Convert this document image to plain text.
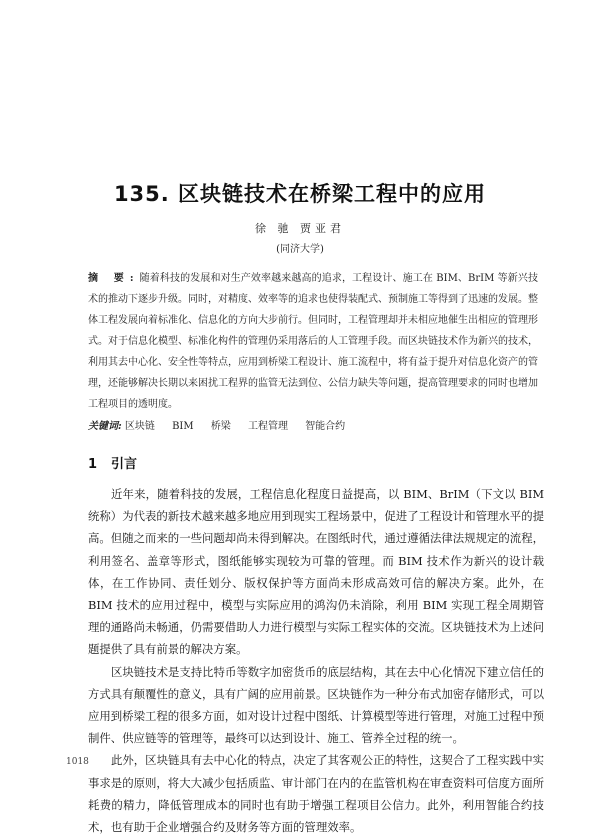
135. 区块链技术在桥梁工程中的应用
徐 驰 贾亚君
(同济大学)
摘 要:随着科技的发展和对生产效率越来越高的追求，工程设计、施工在 BIM、BrIM 等新兴技术的推动下逐步升级。同时，对精度、效率等的追求也使得装配式、预制施工等得到了迅速的发展。整体工程发展向着标准化、信息化的方向大步前行。但同时，工程管理却并未相应地催生出相应的管理形式。对于信息化模型、标准化构件的管理仍采用落后的人工管理手段。而区块链技术作为新兴的技术，利用其去中心化、安全性等特点，应用到桥梁工程设计、施工流程中，将有益于提升对信息化资产的管理，还能够解决长期以来困扰工程界的监管无法到位、公信力缺失等问题，提高管理要求的同时也增加工程项目的透明度。
关键词: 区块链 BIM 桥梁 工程管理 智能合约
1 引言

近年来，随着科技的发展，工程信息化程度日益提高，以 BIM、BrIM（下文以 BIM 统称）为代表的新技术越来越多地应用到现实工程场景中，促进了工程设计和管理水平的提高。但随之而来的一些问题却尚未得到解决。在图纸时代，通过遵循法律法规规定的流程，利用签名、盖章等形式，图纸能够实现较为可靠的管理。而 BIM 技术作为新兴的设计载体，在工作协同、责任划分、版权保护等方面尚未形成高效可信的解决方案。此外，在 BIM 技术的应用过程中，模型与实际应用的鸿沟仍未消除，利用 BIM 实现工程全周期管理的通路尚未畅通，仍需要借助人力进行模型与实际工程实体的交流。区块链技术为上述问题提供了具有前景的解决方案。

区块链技术是支持比特币等数字加密货币的底层结构，其在去中心化情况下建立信任的方式具有颠覆性的意义，具有广阔的应用前景。区块链作为一种分布式加密存储形式，可以应用到桥梁工程的很多方面，如对设计过程中图纸、计算模型等进行管理，对施工过程中预制件、供应链等的管理等，最终可以达到设计、施工、管养全过程的统一。

此外，区块链具有去中心化的特点，决定了其客观公正的特性，这契合了工程实践中实事求是的原则，将大大减少包括质监、审计部门在内的在监管机构在审查资料可信度方面所耗费的精力，降低管理成本的同时也有助于增强工程项目公信力。此外，利用智能合约技术，也有助于企业增强合约及财务等方面的管理效率。

1018
